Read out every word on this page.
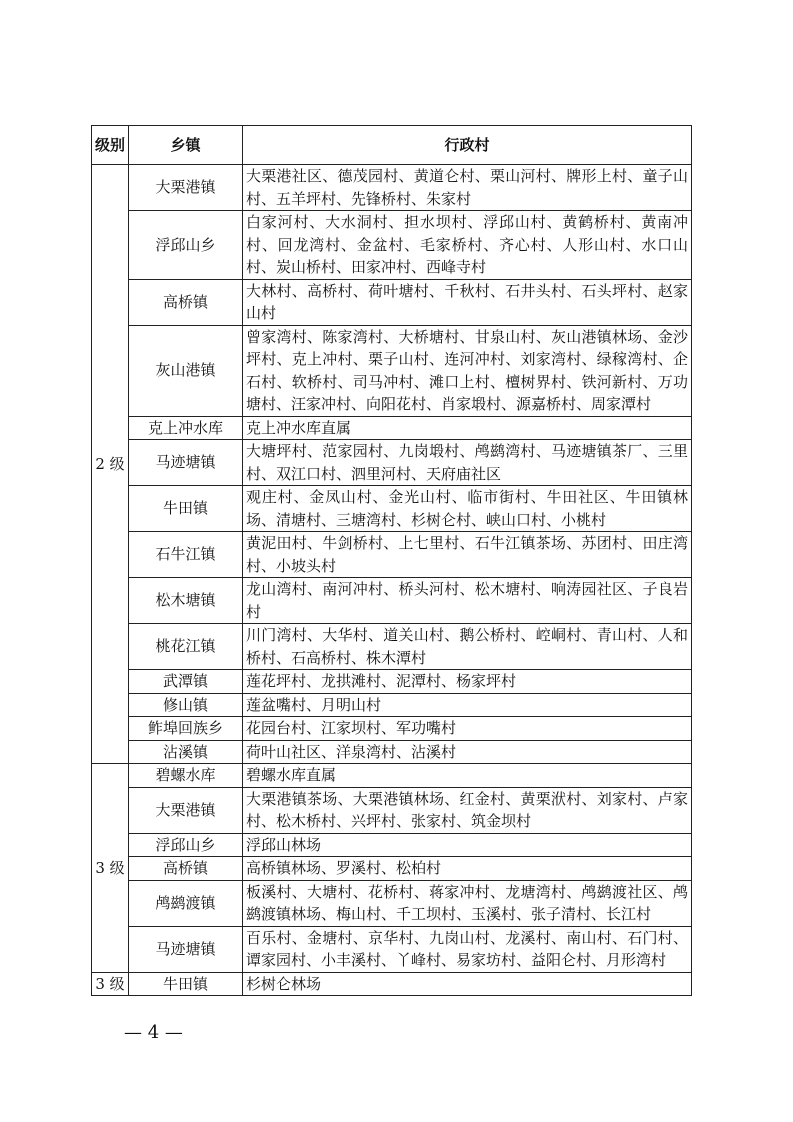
级别	乡镇	行政村
2 级	大栗港镇	大栗港社区、德茂园村、黄道仑村、栗山河村、牌形上村、童子山村、五羊坪村、先锋桥村、朱家村
	浮邱山乡	白家河村、大水洞村、担水坝村、浮邱山村、黄鹤桥村、黄南冲村、回龙湾村、金盆村、毛家桥村、齐心村、人形山村、水口山村、炭山桥村、田家冲村、西峰寺村
	高桥镇	大林村、高桥村、荷叶塘村、千秋村、石井头村、石头坪村、赵家山村
	灰山港镇	曾家湾村、陈家湾村、大桥塘村、甘泉山村、灰山港镇林场、金沙坪村、克上冲村、栗子山村、连河冲村、刘家湾村、绿稼湾村、企石村、软桥村、司马冲村、滩口上村、檀树界村、铁河新村、万功塘村、汪家冲村、向阳花村、肖家塅村、源嘉桥村、周家潭村
	克上冲水库	克上冲水库直属
	马迹塘镇	大塘坪村、范家园村、九岗塅村、鸬鹚湾村、马迹塘镇茶厂、三里村、双江口村、泗里河村、天府庙社区
	牛田镇	观庄村、金凤山村、金光山村、临市街村、牛田社区、牛田镇林场、清塘村、三塘湾村、杉树仑村、峡山口村、小桃村
	石牛江镇	黄泥田村、牛剑桥村、上七里村、石牛江镇茶场、苏团村、田庄湾村、小坡头村
	松木塘镇	龙山湾村、南河冲村、桥头河村、松木塘村、响涛园社区、子良岩村
	桃花江镇	川门湾村、大华村、道关山村、鹅公桥村、崆峒村、青山村、人和桥村、石高桥村、株木潭村
	武潭镇	莲花坪村、龙拱滩村、泥潭村、杨家坪村
	修山镇	莲盆嘴村、月明山村
	鲊埠回族乡	花园台村、江家坝村、军功嘴村
	沾溪镇	荷叶山社区、洋泉湾村、沾溪村
3 级	碧螺水库	碧螺水库直属
	大栗港镇	大栗港镇茶场、大栗港镇林场、红金村、黄栗洑村、刘家村、卢家村、松木桥村、兴坪村、张家村、筑金坝村
	浮邱山乡	浮邱山林场
	高桥镇	高桥镇林场、罗溪村、松柏村
	鸬鹚渡镇	板溪村、大塘村、花桥村、蒋家冲村、龙塘湾村、鸬鹚渡社区、鸬鹚渡镇林场、梅山村、千工坝村、玉溪村、张子清村、长江村
	马迹塘镇	百乐村、金塘村、京华村、九岗山村、龙溪村、南山村、石门村、谭家园村、小丰溪村、丫峰村、易家坊村、益阳仑村、月形湾村
3 级	牛田镇	杉树仑林场
— 4 —
